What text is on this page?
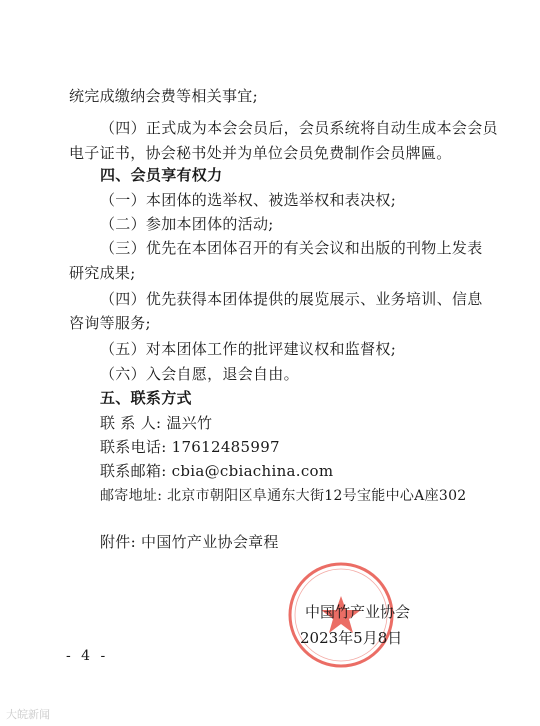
统完成缴纳会费等相关事宜;
（四）正式成为本会会员后，会员系统将自动生成本会会员
电子证书，协会秘书处并为单位会员免费制作会员牌匾。
四、会员享有权力
（一）本团体的选举权、被选举权和表决权;
（二）参加本团体的活动;
（三）优先在本团体召开的有关会议和出版的刊物上发表
研究成果;
（四）优先获得本团体提供的展览展示、业务培训、信息
咨询等服务;
（五）对本团体工作的批评建议权和监督权;
（六）入会自愿，退会自由。
五、联系方式
联 系 人: 温兴竹
联系电话: 17612485997
联系邮箱: cbia@cbiachina.com
邮寄地址: 北京市朝阳区阜通东大街12号宝能中心A座302
附件: 中国竹产业协会章程
中国竹产业协会
2023年5月8日
- 4 -
大皖新闻
